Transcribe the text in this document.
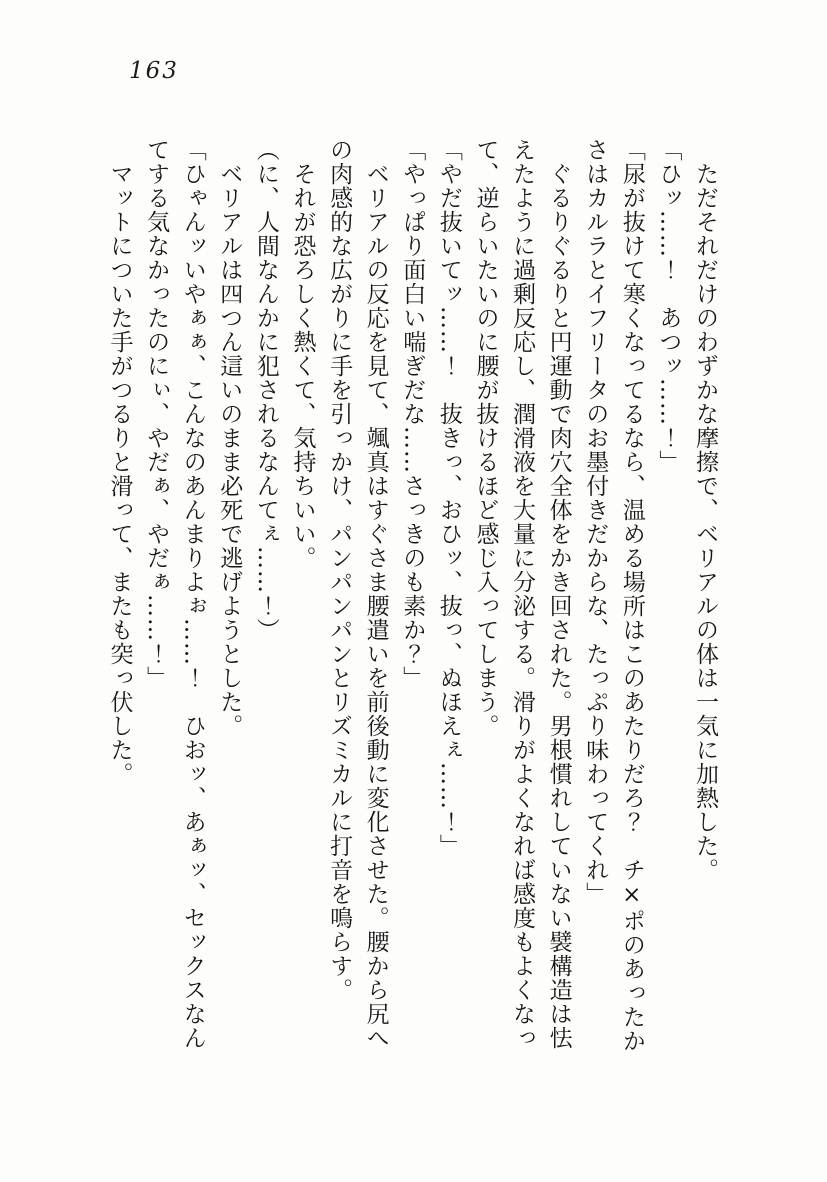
163

ただそれだけのわずかな摩擦で、ベリアルの体は一気に加熱した。

「ひッ……！　あつッ……！」

「尿が抜けて寒くなってるなら、温める場所はこのあたりだろ？　チ×ポのあったか

さはカルラとイフリータのお墨付きだからな、たっぷり味わってくれ」

ぐるりぐるりと円運動で肉穴全体をかき回された。男根慣れしていない襞構造は怯

えたように過剰反応し、潤滑液を大量に分泌する。滑りがよくなれば感度もよくなっ

て、逆らいたいのに腰が抜けるほど感じ入ってしまう。

「やだ抜いてッ……！　抜きっ、おひッ、抜っ、ぬほえぇ……！」

「やっぱり面白い喘ぎだな……さっきのも素か？」

ベリアルの反応を見て、颯真はすぐさま腰遣いを前後動に変化させた。腰から尻へ

の肉感的な広がりに手を引っかけ、パンパンパンとリズミカルに打音を鳴らす。

それが恐ろしく熱くて、気持ちいい。

（に、人間なんかに犯されるなんてぇ……！）

ベリアルは四つん這いのまま必死で逃げようとした。

「ひゃんッいやぁぁ、こんなのあんまりよぉ……！　ひおッ、あぁッ、セックスなん

てする気なかったのにぃ、やだぁ、やだぁ……！」

マットについた手がつるりと滑って、またも突っ伏した。
